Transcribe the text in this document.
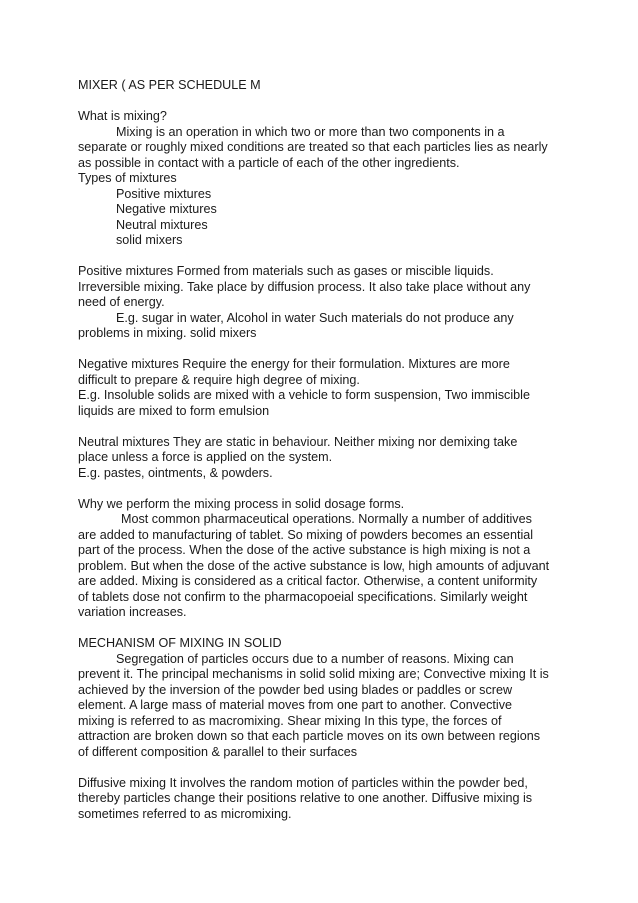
MIXER ( AS PER SCHEDULE M
What is mixing?
Mixing is an operation in which two or more than two components in a
separate or roughly mixed conditions are treated so that each particles lies as nearly
as possible in contact with a particle of each of the other ingredients.
Types of mixtures
Positive mixtures
Negative mixtures
Neutral mixtures
solid mixers
Positive mixtures Formed from materials such as gases or miscible liquids.
Irreversible mixing. Take place by diffusion process. It also take place without any
need of energy.
E.g. sugar in water, Alcohol in water Such materials do not produce any
problems in mixing. solid mixers
Negative mixtures Require the energy for their formulation. Mixtures are more
difficult to prepare & require high degree of mixing.
E.g. Insoluble solids are mixed with a vehicle to form suspension, Two immiscible
liquids are mixed to form emulsion
Neutral mixtures They are static in behaviour. Neither mixing nor demixing take
place unless a force is applied on the system.
E.g. pastes, ointments, & powders.
Why we perform the mixing process in solid dosage forms.
Most common pharmaceutical operations. Normally a number of additives
are added to manufacturing of tablet. So mixing of powders becomes an essential
part of the process. When the dose of the active substance is high mixing is not a
problem. But when the dose of the active substance is low, high amounts of adjuvant
are added. Mixing is considered as a critical factor. Otherwise, a content uniformity
of tablets dose not confirm to the pharmacopoeial specifications. Similarly weight
variation increases.
MECHANISM OF MIXING IN SOLID
Segregation of particles occurs due to a number of reasons. Mixing can
prevent it. The principal mechanisms in solid solid mixing are; Convective mixing It is
achieved by the inversion of the powder bed using blades or paddles or screw
element. A large mass of material moves from one part to another. Convective
mixing is referred to as macromixing. Shear mixing In this type, the forces of
attraction are broken down so that each particle moves on its own between regions
of different composition & parallel to their surfaces
Diffusive mixing It involves the random motion of particles within the powder bed,
thereby particles change their positions relative to one another. Diffusive mixing is
sometimes referred to as micromixing.
